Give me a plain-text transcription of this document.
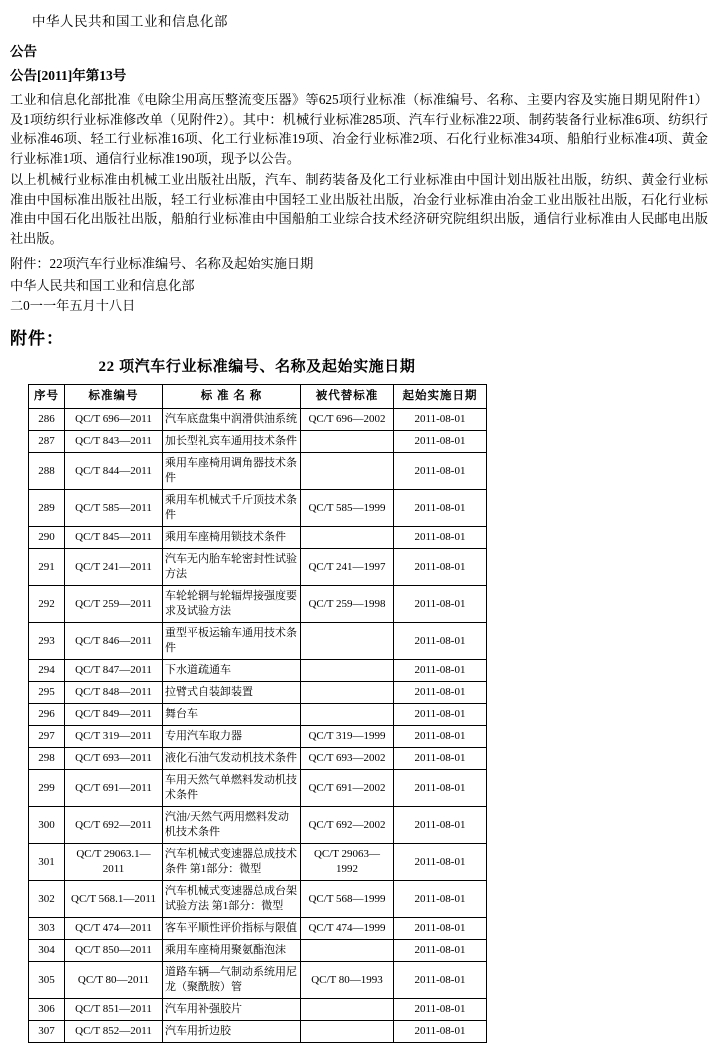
中华人民共和国工业和信息化部
公告
公告[2011]年第13号

工业和信息化部批准《电除尘用高压整流变压器》等625项行业标准（标准编号、名称、主要内容及实施日期见附件1）及1项纺织行业标准修改单（见附件2）。其中：机械行业标准285项、汽车行业标准22项、制药装备行业标准6项、纺织行业标准46项、轻工行业标准16项、化工行业标准19项、冶金行业标准2项、石化行业标准34项、船舶行业标准4项、黄金行业标准1项、通信行业标准190项，现予以公告。

以上机械行业标准由机械工业出版社出版，汽车、制药装备及化工行业标准由中国计划出版社出版，纺织、黄金行业标准由中国标准出版社出版，轻工行业标准由中国轻工业出版社出版，冶金行业标准由冶金工业出版社出版，石化行业标准由中国石化出版社出版，船舶行业标准由中国船舶工业综合技术经济研究院组织出版，通信行业标准由人民邮电出版社出版。

附件：22项汽车行业标准编号、名称及起始实施日期
中华人民共和国工业和信息化部
二0一一年五月十八日
附件：
22 项汽车行业标准编号、名称及起始实施日期
序号	标准编号	标 准 名 称	被代替标准	起始实施日期
286	QC/T 696—2011	汽车底盘集中润滑供油系统	QC/T 696—2002	2011-08-01
287	QC/T 843—2011	加长型礼宾车通用技术条件		2011-08-01
288	QC/T 844—2011	乘用车座椅用调角器技术条件		2011-08-01
289	QC/T 585—2011	乘用车机械式千斤顶技术条件	QC/T 585—1999	2011-08-01
290	QC/T 845—2011	乘用车座椅用锁技术条件		2011-08-01
291	QC/T 241—2011	汽车无内胎车轮密封性试验方法	QC/T 241—1997	2011-08-01
292	QC/T 259—2011	车轮轮辋与轮辐焊接强度要求及试验方法	QC/T 259—1998	2011-08-01
293	QC/T 846—2011	重型平板运输车通用技术条件		2011-08-01
294	QC/T 847—2011	下水道疏通车		2011-08-01
295	QC/T 848—2011	拉臂式自装卸装置		2011-08-01
296	QC/T 849—2011	舞台车		2011-08-01
297	QC/T 319—2011	专用汽车取力器	QC/T 319—1999	2011-08-01
298	QC/T 693—2011	液化石油气发动机技术条件	QC/T 693—2002	2011-08-01
299	QC/T 691—2011	车用天然气单燃料发动机技术条件	QC/T 691—2002	2011-08-01
300	QC/T 692—2011	汽油/天然气两用燃料发动机技术条件	QC/T 692—2002	2011-08-01
301	QC/T 29063.1—2011	汽车机械式变速器总成技术条件 第1部分：微型	QC/T 29063—1992	2011-08-01
302	QC/T 568.1—2011	汽车机械式变速器总成台架试验方法 第1部分：微型	QC/T 568—1999	2011-08-01
303	QC/T 474—2011	客车平顺性评价指标与限值	QC/T 474—1999	2011-08-01
304	QC/T 850—2011	乘用车座椅用聚氨酯泡沫		2011-08-01
305	QC/T 80—2011	道路车辆—气制动系统用尼龙（聚酰胺）管	QC/T 80—1993	2011-08-01
306	QC/T 851—2011	汽车用补强胶片		2011-08-01
307	QC/T 852—2011	汽车用折边胶		2011-08-01
